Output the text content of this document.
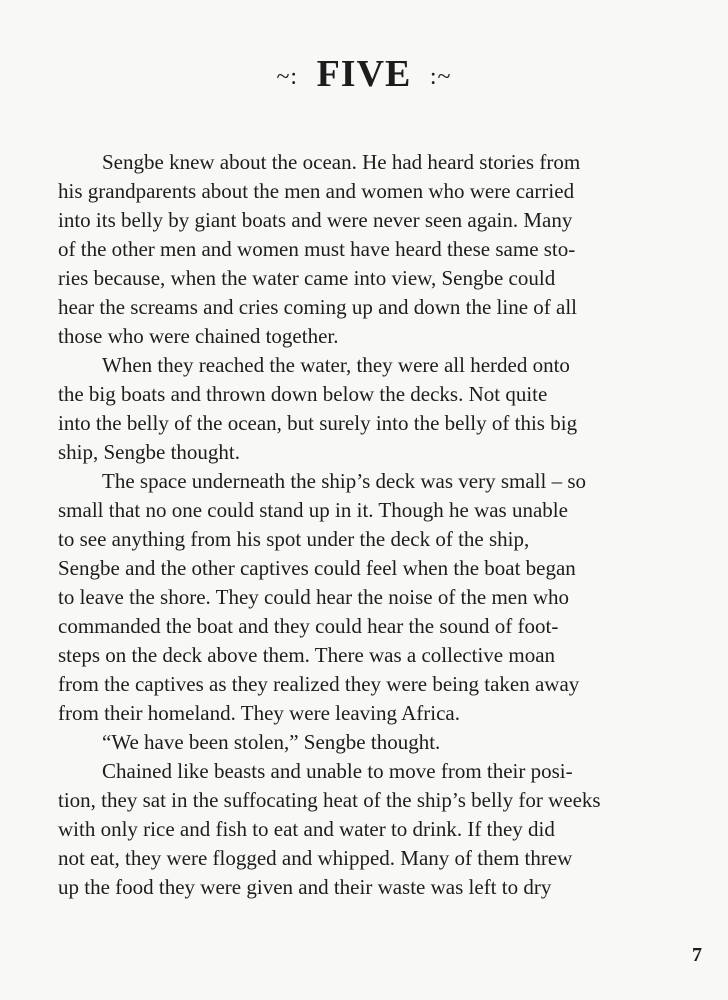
~: FIVE :~
Sengbe knew about the ocean. He had heard stories from
his grandparents about the men and women who were carried
into its belly by giant boats and were never seen again. Many
of the other men and women must have heard these same sto-
ries because, when the water came into view, Sengbe could
hear the screams and cries coming up and down the line of all
those who were chained together.
When they reached the water, they were all herded onto
the big boats and thrown down below the decks. Not quite
into the belly of the ocean, but surely into the belly of this big
ship, Sengbe thought.
The space underneath the ship’s deck was very small – so
small that no one could stand up in it. Though he was unable
to see anything from his spot under the deck of the ship,
Sengbe and the other captives could feel when the boat began
to leave the shore. They could hear the noise of the men who
commanded the boat and they could hear the sound of foot-
steps on the deck above them. There was a collective moan
from the captives as they realized they were being taken away
from their homeland. They were leaving Africa.
“We have been stolen,” Sengbe thought.
Chained like beasts and unable to move from their posi-
tion, they sat in the suffocating heat of the ship’s belly for weeks
with only rice and fish to eat and water to drink. If they did
not eat, they were flogged and whipped. Many of them threw
up the food they were given and their waste was left to dry
7
